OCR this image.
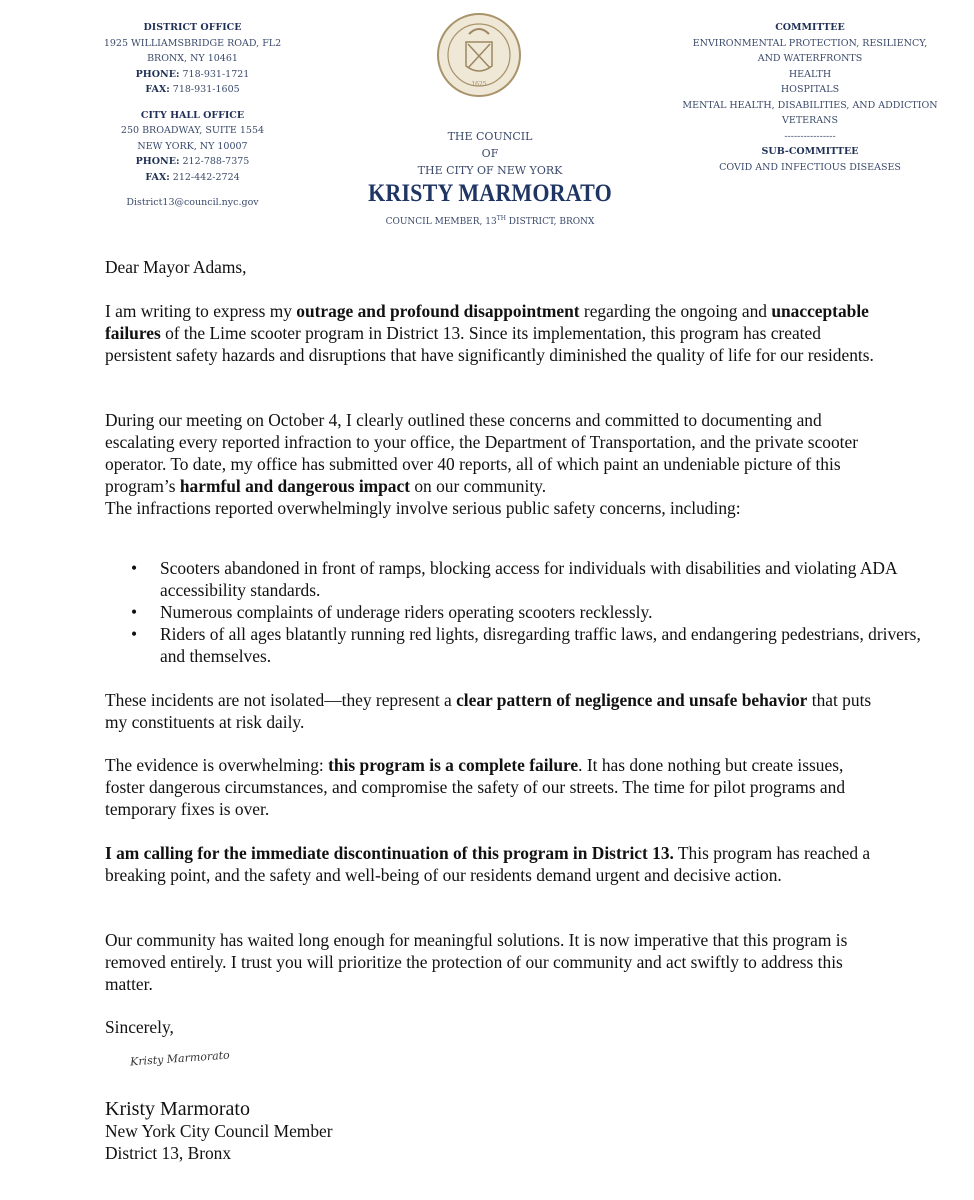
DISTRICT OFFICE
1925 WILLIAMSBRIDGE ROAD, FL2
BRONX, NY 10461
PHONE: 718-931-1721
FAX: 718-931-1605
CITY HALL OFFICE
250 BROADWAY, SUITE 1554
NEW YORK, NY 10007
PHONE: 212-788-7375
FAX: 212-442-2724
District13@council.nyc.gov
1625
THE COUNCIL
OF
THE CITY OF NEW YORK
KRISTY MARMORATO
COUNCIL MEMBER, 13TH DISTRICT, BRONX
COMMITTEE
ENVIRONMENTAL PROTECTION, RESILIENCY,
AND WATERFRONTS
HEALTH
HOSPITALS
MENTAL HEALTH, DISABILITIES, AND ADDICTION
VETERANS
----------------
SUB-COMMITTEE
COVID AND INFECTIOUS DISEASES
Dear Mayor Adams,
I am writing to express my outrage and profound disappointment regarding the ongoing and unacceptable failures of the Lime scooter program in District 13. Since its implementation, this program has created persistent safety hazards and disruptions that have significantly diminished the quality of life for our residents.
During our meeting on October 4, I clearly outlined these concerns and committed to documenting and escalating every reported infraction to your office, the Department of Transportation, and the private scooter operator. To date, my office has submitted over 40 reports, all of which paint an undeniable picture of this program’s harmful and dangerous impact on our community.
The infractions reported overwhelmingly involve serious public safety concerns, including:
• Scooters abandoned in front of ramps, blocking access for individuals with disabilities and violating ADA accessibility standards.
• Numerous complaints of underage riders operating scooters recklessly.
• Riders of all ages blatantly running red lights, disregarding traffic laws, and endangering pedestrians, drivers, and themselves.
These incidents are not isolated—they represent a clear pattern of negligence and unsafe behavior that puts my constituents at risk daily.
The evidence is overwhelming: this program is a complete failure. It has done nothing but create issues, foster dangerous circumstances, and compromise the safety of our streets. The time for pilot programs and temporary fixes is over.
I am calling for the immediate discontinuation of this program in District 13. This program has reached a breaking point, and the safety and well-being of our residents demand urgent and decisive action.
Our community has waited long enough for meaningful solutions. It is now imperative that this program is removed entirely. I trust you will prioritize the protection of our community and act swiftly to address this matter.
Sincerely,
Kristy Marmorato
Kristy Marmorato
New York City Council Member
District 13, Bronx
